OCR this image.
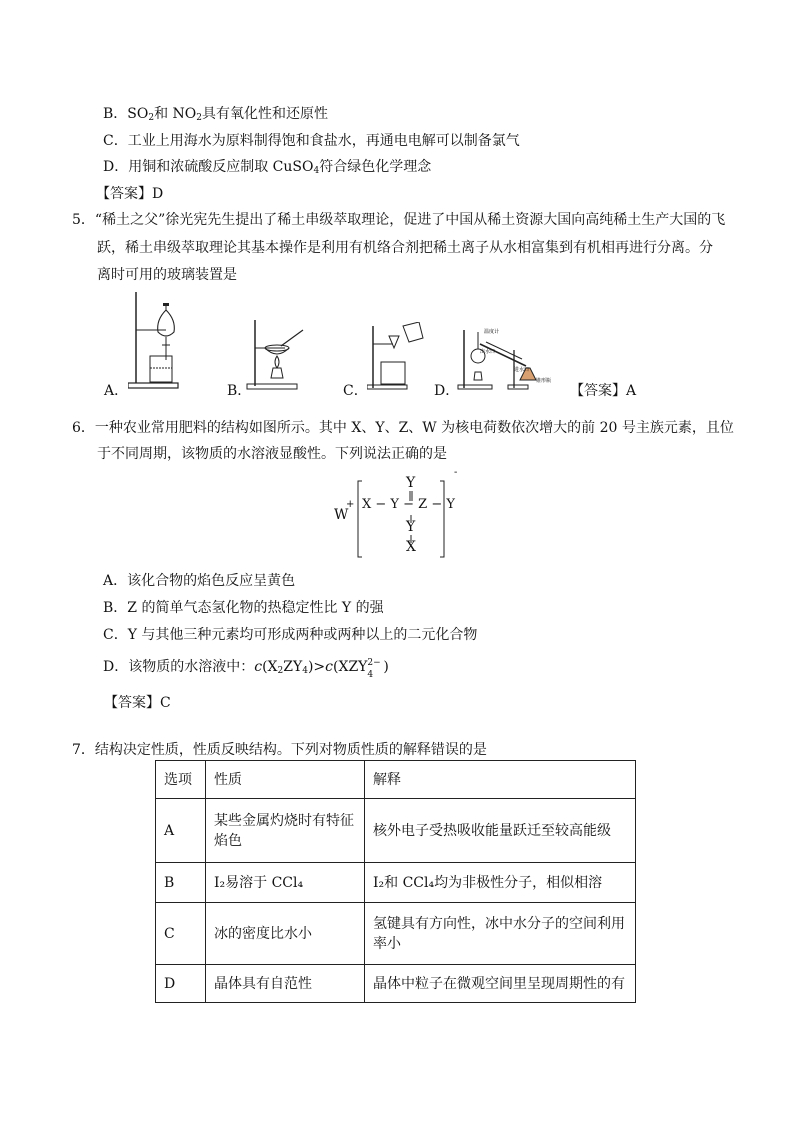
B．$SO_2$和 $NO_2$具有氧化性和还原性
C．工业上用海水为原料制得饱和食盐水，再通电电解可以制备氯气
D．用铜和浓硫酸反应制取 CuSO$_4$符合绿色化学理念
【答案】D
5．“稀土之父”徐光宪先生提出了稀土串级萃取理论，促进了中国从稀土资源大国向高纯稀土生产大国的飞
跃，稀土串级萃取理论其基本操作是利用有机络合剂把稀土离子从水相富集到有机相再进行分离。分
离时可用的玻璃装置是
A．	B．	C．
温度计
出水口
进水口
锥形瓶
D．	【答案】A
6．一种农业常用肥料的结构如图所示。其中 X、Y、Z、W 为核电荷数依次增大的前 20 号主族元素，且位
于不同周期，该物质的水溶液显酸性。下列说法正确的是
W
+
Y
X − Y − Z − Y
Y
X
-
A．该化合物的焰色反应呈黄色
B．Z 的简单气态氢化物的热稳定性比 Y 的强
C．Y 与其他三种元素均可形成两种或两种以上的二元化合物
D．该物质的水溶液中：$c(X_2ZY_4)>c(XZY$ 2−
4 )
【答案】C
7．结构决定性质，性质反映结构。下列对物质性质的解释错误的是
选项	性质	解释
A	某些金属灼烧时有特征焰色	核外电子受热吸收能量跃迁至较高能级
B	I₂易溶于 CCl₄	I₂和 CCl₄均为非极性分子，相似相溶
C	冰的密度比水小	氢键具有方向性，冰中水分子的空间利用率小
D	晶体具有自范性	晶体中粒子在微观空间里呈现周期性的有
